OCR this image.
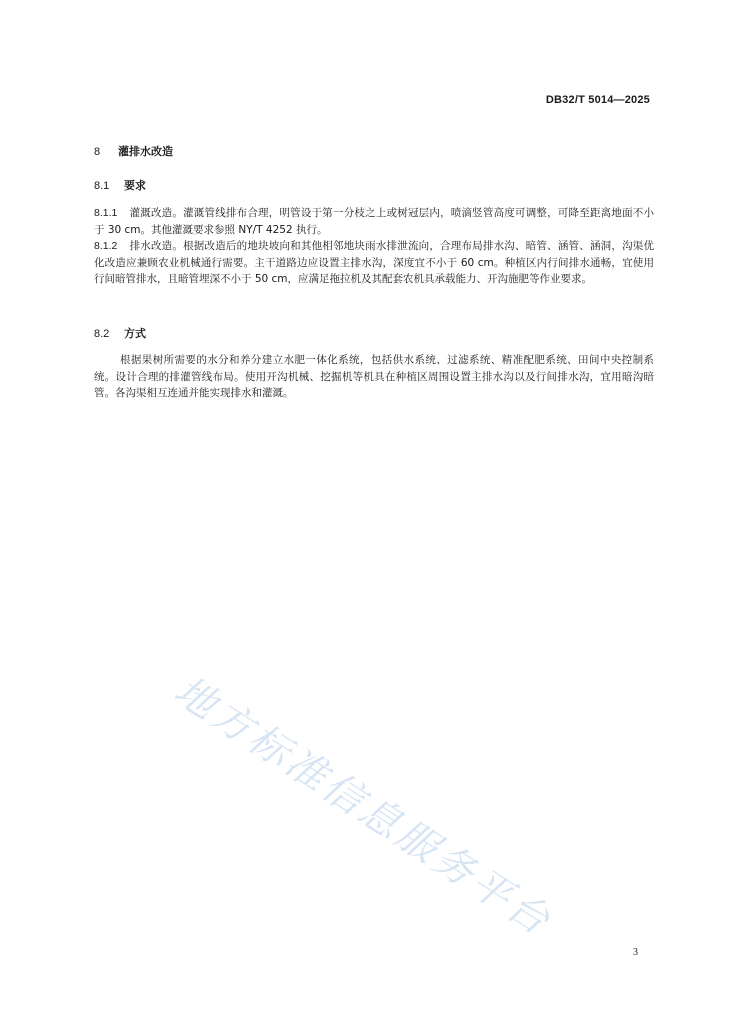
DB32/T 5014—2025
8 灌排水改造
8.1 要求
8.1.1 灌溉改造。灌溉管线排布合理，明管设于第一分枝之上或树冠层内，喷滴竖管高度可调整，可降至距离地面不小于 30 cm。其他灌溉要求参照 NY/T 4252 执行。
8.1.2 排水改造。根据改造后的地块坡向和其他相邻地块雨水排泄流向，合理布局排水沟、暗管、涵管、涵洞，沟渠优化改造应兼顾农业机械通行需要。主干道路边应设置主排水沟，深度宜不小于 60 cm。种植区内行间排水通畅，宜使用行间暗管排水，且暗管埋深不小于 50 cm，应满足拖拉机及其配套农机具承载能力、开沟施肥等作业要求。
8.2 方式
根据果树所需要的水分和养分建立水肥一体化系统，包括供水系统、过滤系统、精准配肥系统、田间中央控制系统。设计合理的排灌管线布局。使用开沟机械、挖掘机等机具在种植区周围设置主排水沟以及行间排水沟，宜用暗沟暗管。各沟渠相互连通并能实现排水和灌溉。
地方标准信息服务平台
3
